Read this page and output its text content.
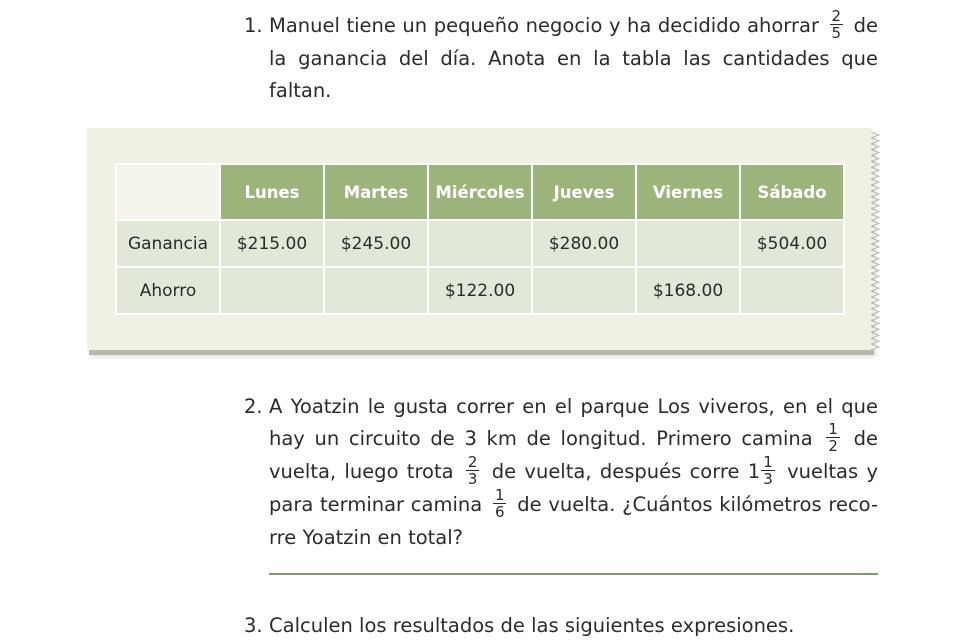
1. Manuel tiene un pequeño negocio y ha decidido ahorrar $\frac{2}{5}$ de la ganancia del día. Anota en la tabla las cantidades que faltan.
	Lunes	Martes	Miércoles	Jueves	Viernes	Sábado
Ganancia	$215.00	$245.00		$280.00		$504.00
Ahorro			$122.00		$168.00	
2. A Yoatzin le gusta correr en el parque Los viveros, en el que hay un circuito de 3 km de longitud. Primero camina $\frac{1}{2}$ de vuelta, luego trota $\frac{2}{3}$ de vuelta, después corre $1 \frac{1}{3}$ vueltas y para terminar camina $\frac{1}{6}$ de vuelta. ¿Cuántos kilómetros reco-rre Yoatzin en total?
3. Calculen los resultados de las siguientes expresiones.
